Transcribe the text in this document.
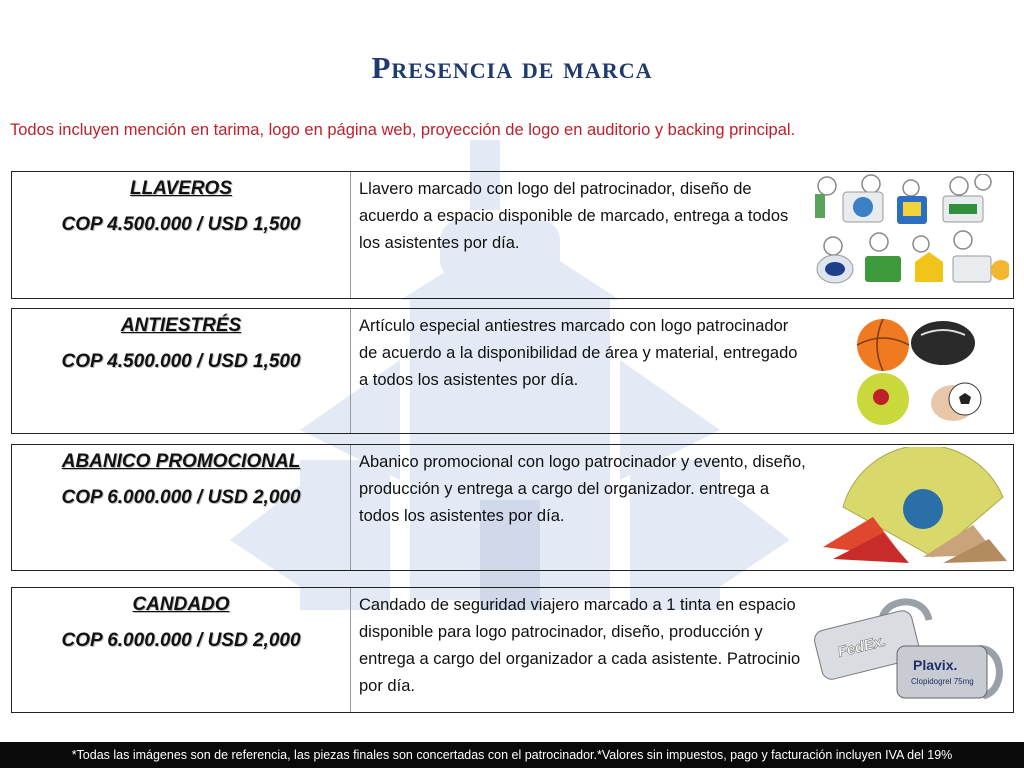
Presencia de marca
Todos incluyen mención en tarima, logo en página web, proyección de logo en auditorio y backing principal.
LLAVEROS
COP 4.500.000 / USD 1,500
Llavero marcado con logo del patrocinador, diseño de acuerdo a espacio disponible de marcado, entrega a todos los asistentes por día.
ANTIESTRÉS
COP 4.500.000 / USD 1,500
Artículo especial antiestres marcado con logo patrocinador de acuerdo a la disponibilidad de área y material, entregado a todos los asistentes por día.
ABANICO PROMOCIONAL
COP 6.000.000 / USD 2,000
Abanico promocional con logo patrocinador y evento, diseño, producción y entrega a cargo del organizador. entrega a todos los asistentes por día.
CANDADO
COP 6.000.000 / USD 2,000
Candado de seguridad viajero marcado a 1 tinta en espacio disponible para logo patrocinador, diseño, producción y entrega a cargo del organizador a cada asistente. Patrocinio por día.
FedEx.
Plavix.
Clopidogrel 75mg
*Todas las imágenes son de referencia, las piezas finales son concertadas con el patrocinador.*Valores sin impuestos, pago y facturación incluyen IVA del 19%
